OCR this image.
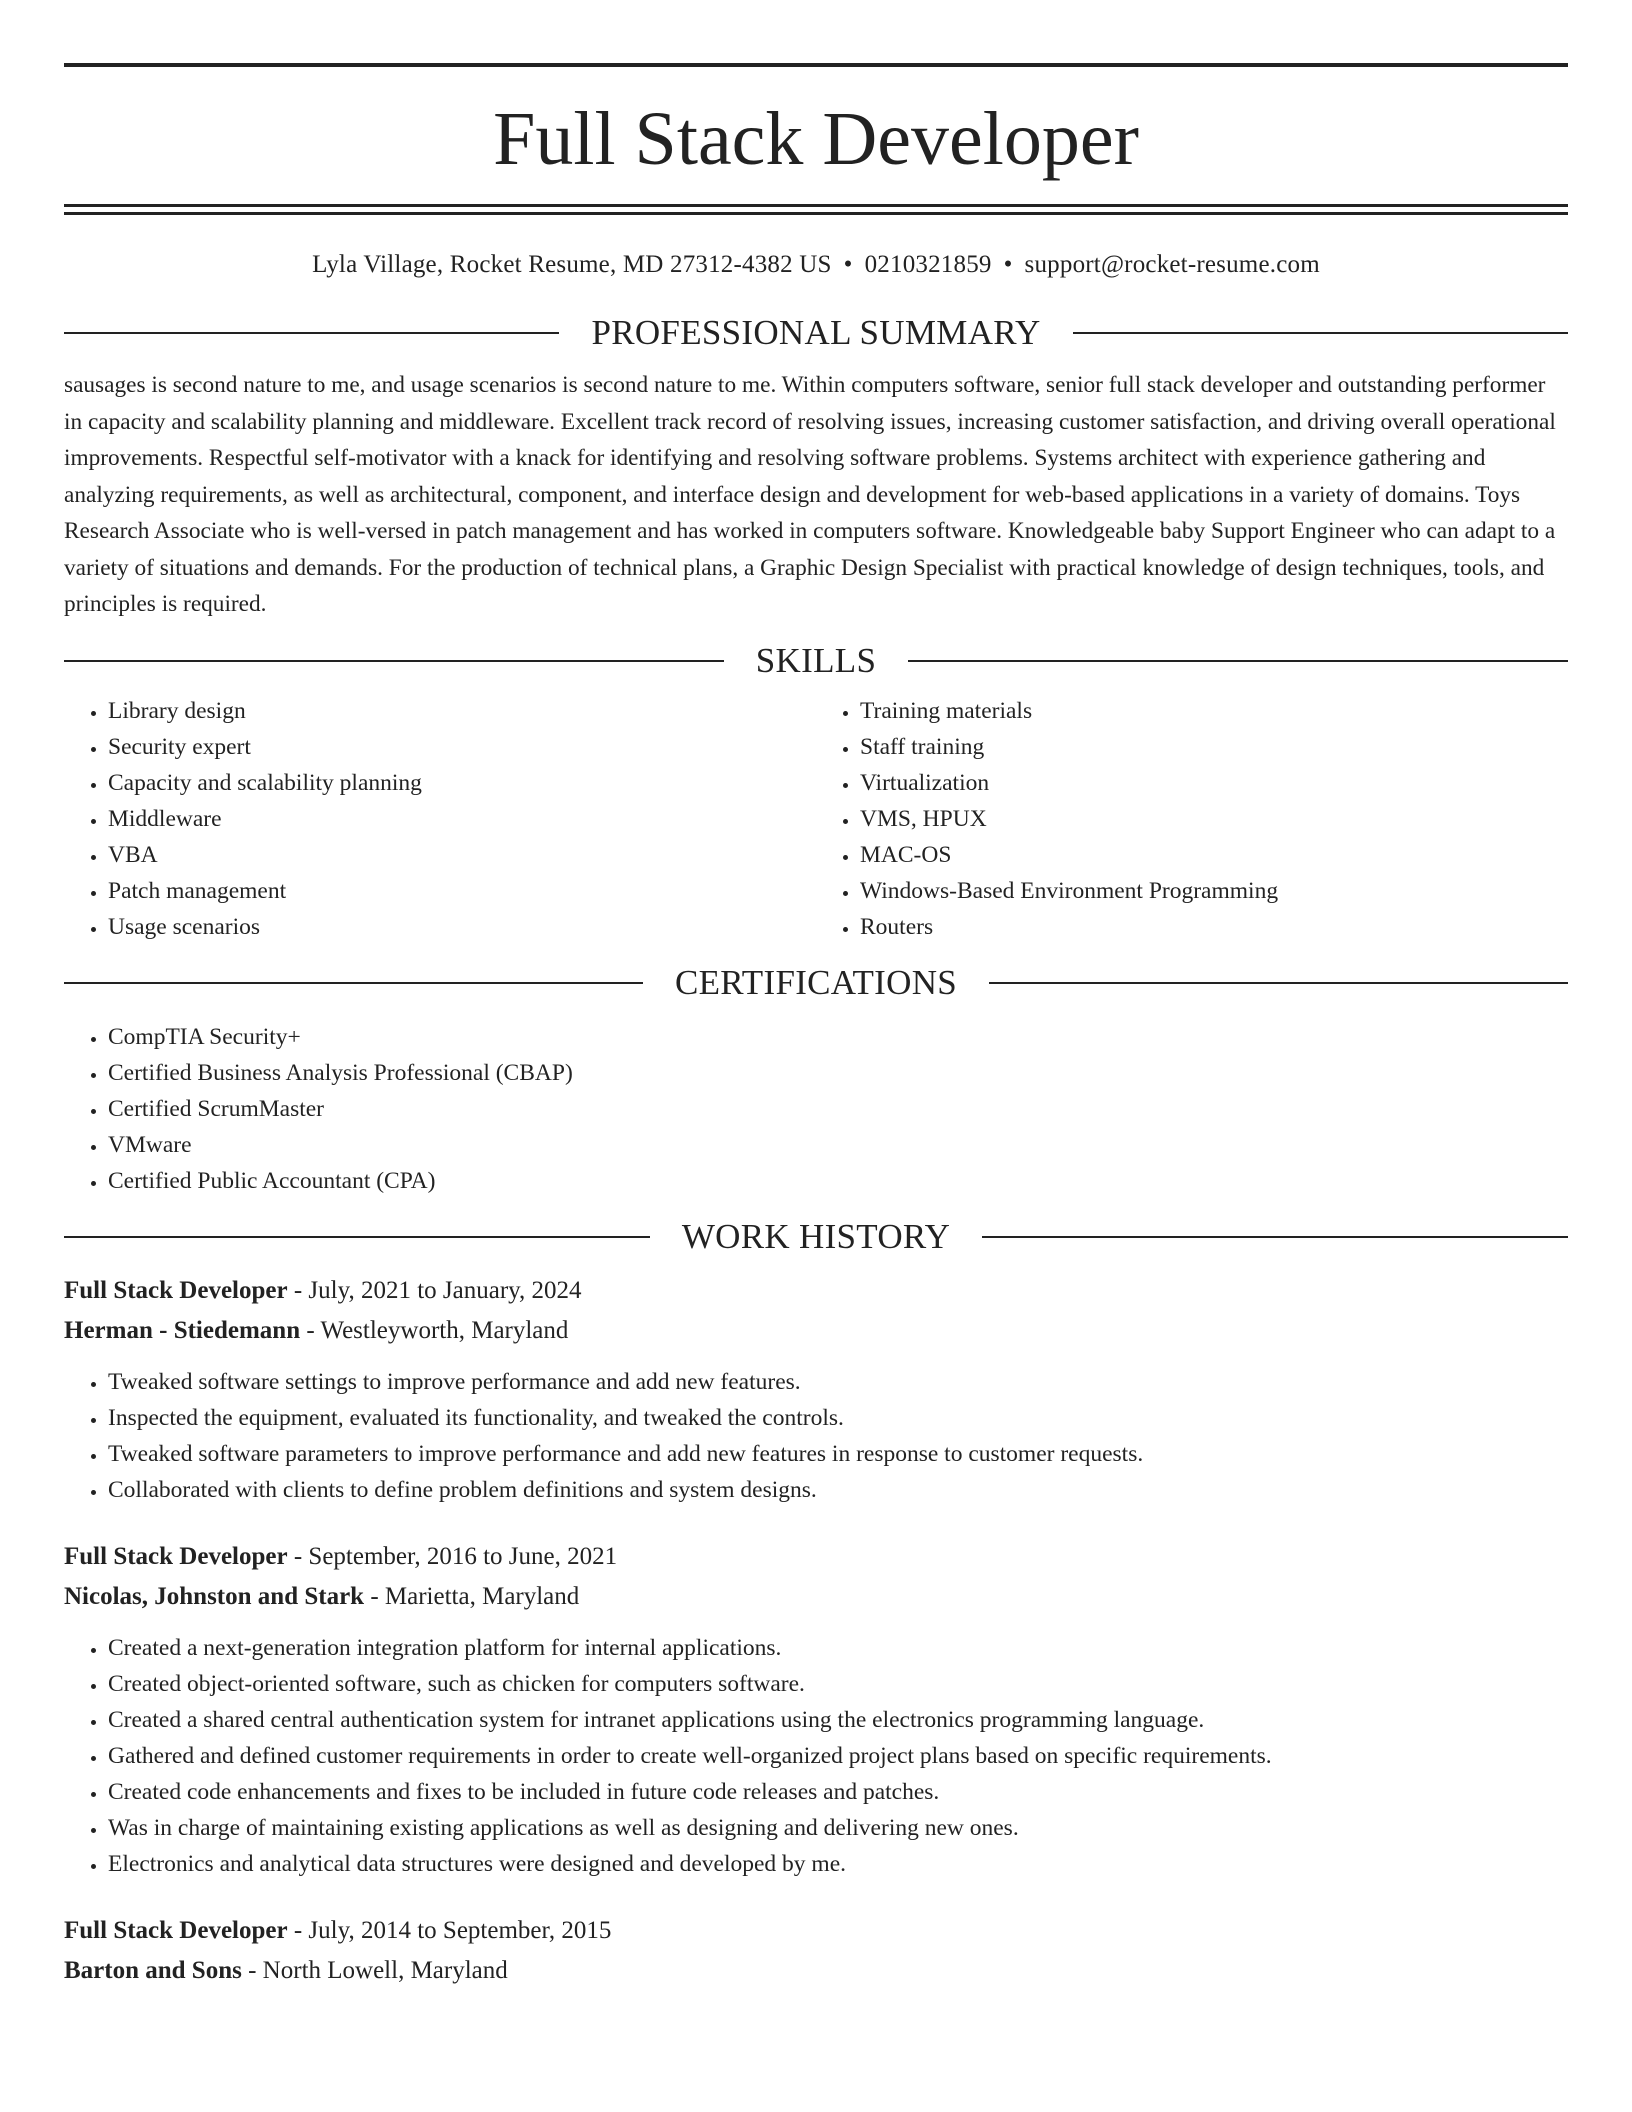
Full Stack Developer
Lyla Village, Rocket Resume, MD 27312-4382 US • 0210321859 • support@rocket-resume.com
PROFESSIONAL SUMMARY

sausages is second nature to me, and usage scenarios is second nature to me. Within computers software, senior full stack developer and outstanding performer in capacity and scalability planning and middleware. Excellent track record of resolving issues, increasing customer satisfaction, and driving overall operational improvements. Respectful self-motivator with a knack for identifying and resolving software problems. Systems architect with experience gathering and analyzing requirements, as well as architectural, component, and interface design and development for web-based applications in a variety of domains. Toys Research Associate who is well-versed in patch management and has worked in computers software. Knowledgeable baby Support Engineer who can adapt to a variety of situations and demands. For the production of technical plans, a Graphic Design Specialist with practical knowledge of design techniques, tools, and principles is required.

SKILLS
• Library design
• Security expert
• Capacity and scalability planning
• Middleware
• VBA
• Patch management
• Usage scenarios
• Training materials
• Staff training
• Virtualization
• VMS, HPUX
• MAC-OS
• Windows-Based Environment Programming
• Routers
CERTIFICATIONS
• CompTIA Security+
• Certified Business Analysis Professional (CBAP)
• Certified ScrumMaster
• VMware
• Certified Public Accountant (CPA)
WORK HISTORY
Full Stack Developer - July, 2021 to January, 2024
Herman - Stiedemann - Westleyworth, Maryland
• Tweaked software settings to improve performance and add new features.
• Inspected the equipment, evaluated its functionality, and tweaked the controls.
• Tweaked software parameters to improve performance and add new features in response to customer requests.
• Collaborated with clients to define problem definitions and system designs.
Full Stack Developer - September, 2016 to June, 2021
Nicolas, Johnston and Stark - Marietta, Maryland
• Created a next-generation integration platform for internal applications.
• Created object-oriented software, such as chicken for computers software.
• Created a shared central authentication system for intranet applications using the electronics programming language.
• Gathered and defined customer requirements in order to create well-organized project plans based on specific requirements.
• Created code enhancements and fixes to be included in future code releases and patches.
• Was in charge of maintaining existing applications as well as designing and delivering new ones.
• Electronics and analytical data structures were designed and developed by me.
Full Stack Developer - July, 2014 to September, 2015
Barton and Sons - North Lowell, Maryland
